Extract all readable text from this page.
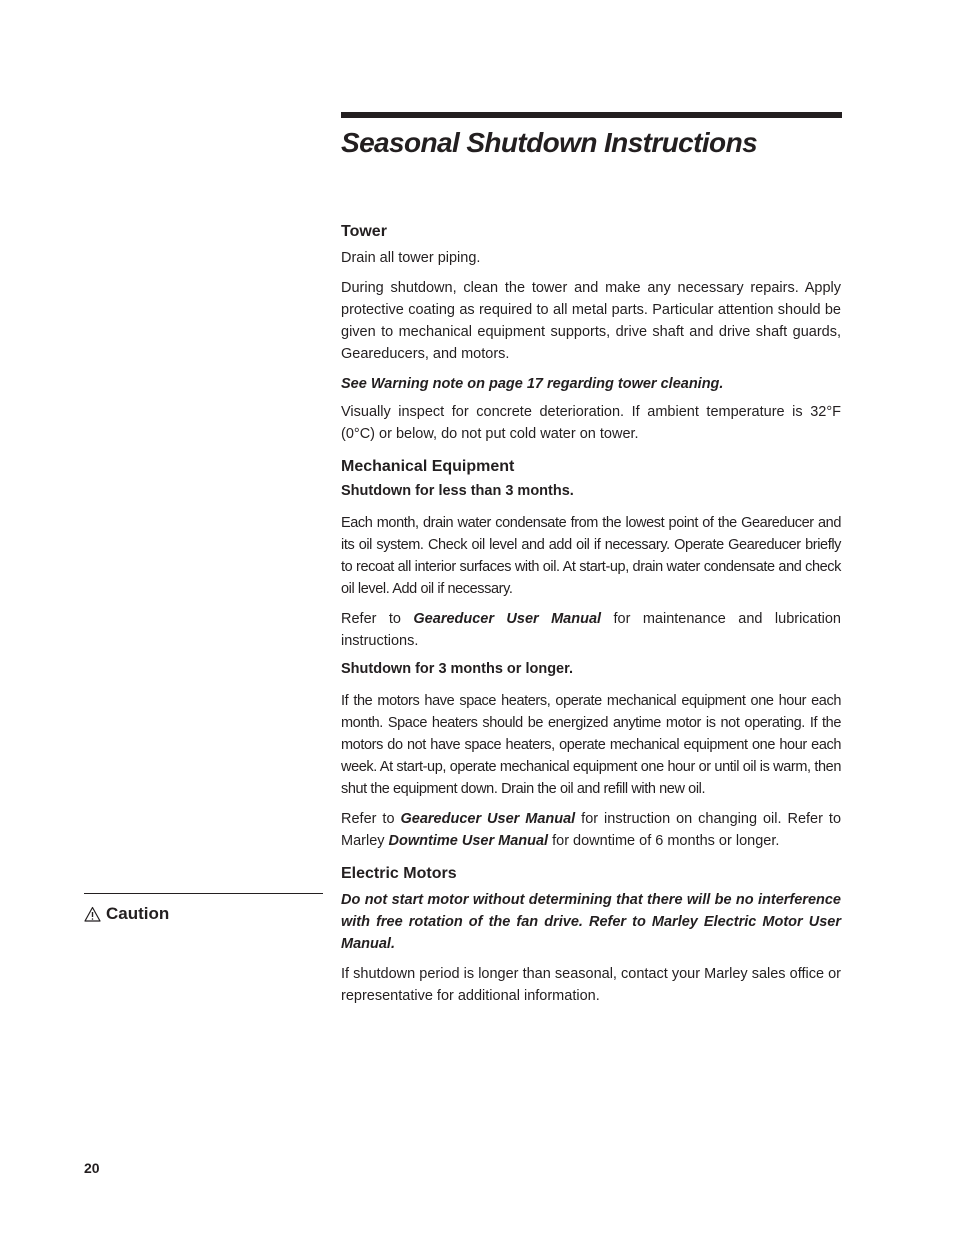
Seasonal Shutdown Instructions
Tower

Drain all tower piping.

During shutdown, clean the tower and make any necessary repairs. Apply protective coating as required to all metal parts. Particular attention should be given to mechanical equipment supports, drive shaft and drive shaft guards, Geareducers, and motors.

See Warning note on page 17 regarding tower cleaning.

Visually inspect for concrete deterioration. If ambient temperature is 32°F (0°C) or below, do not put cold water on tower.

Mechanical Equipment
Shutdown for less than 3 months.

Each month, drain water condensate from the lowest point of the Geareducer and its oil system. Check oil level and add oil if necessary. Operate Geareducer briefly to recoat all interior surfaces with oil. At start-up, drain water condensate and check oil level. Add oil if necessary.

Refer to Geareducer User Manual for maintenance and lubrication instructions.

Shutdown for 3 months or longer.

If the motors have space heaters, operate mechanical equipment one hour each month. Space heaters should be energized anytime motor is not operating. If the motors do not have space heaters, operate mechanical equipment one hour each week. At start-up, operate mechanical equipment one hour or until oil is warm, then shut the equipment down. Drain the oil and refill with new oil.

Refer to Geareducer User Manual for instruction on changing oil. Refer to Marley Downtime User Manual for downtime of 6 months or longer.

Electric Motors

Do not start motor without determining that there will be no interference with free rotation of the fan drive. Refer to Marley Electric Motor User Manual.

If shutdown period is longer than seasonal, contact your Marley sales office or representative for additional information.

Caution
20
